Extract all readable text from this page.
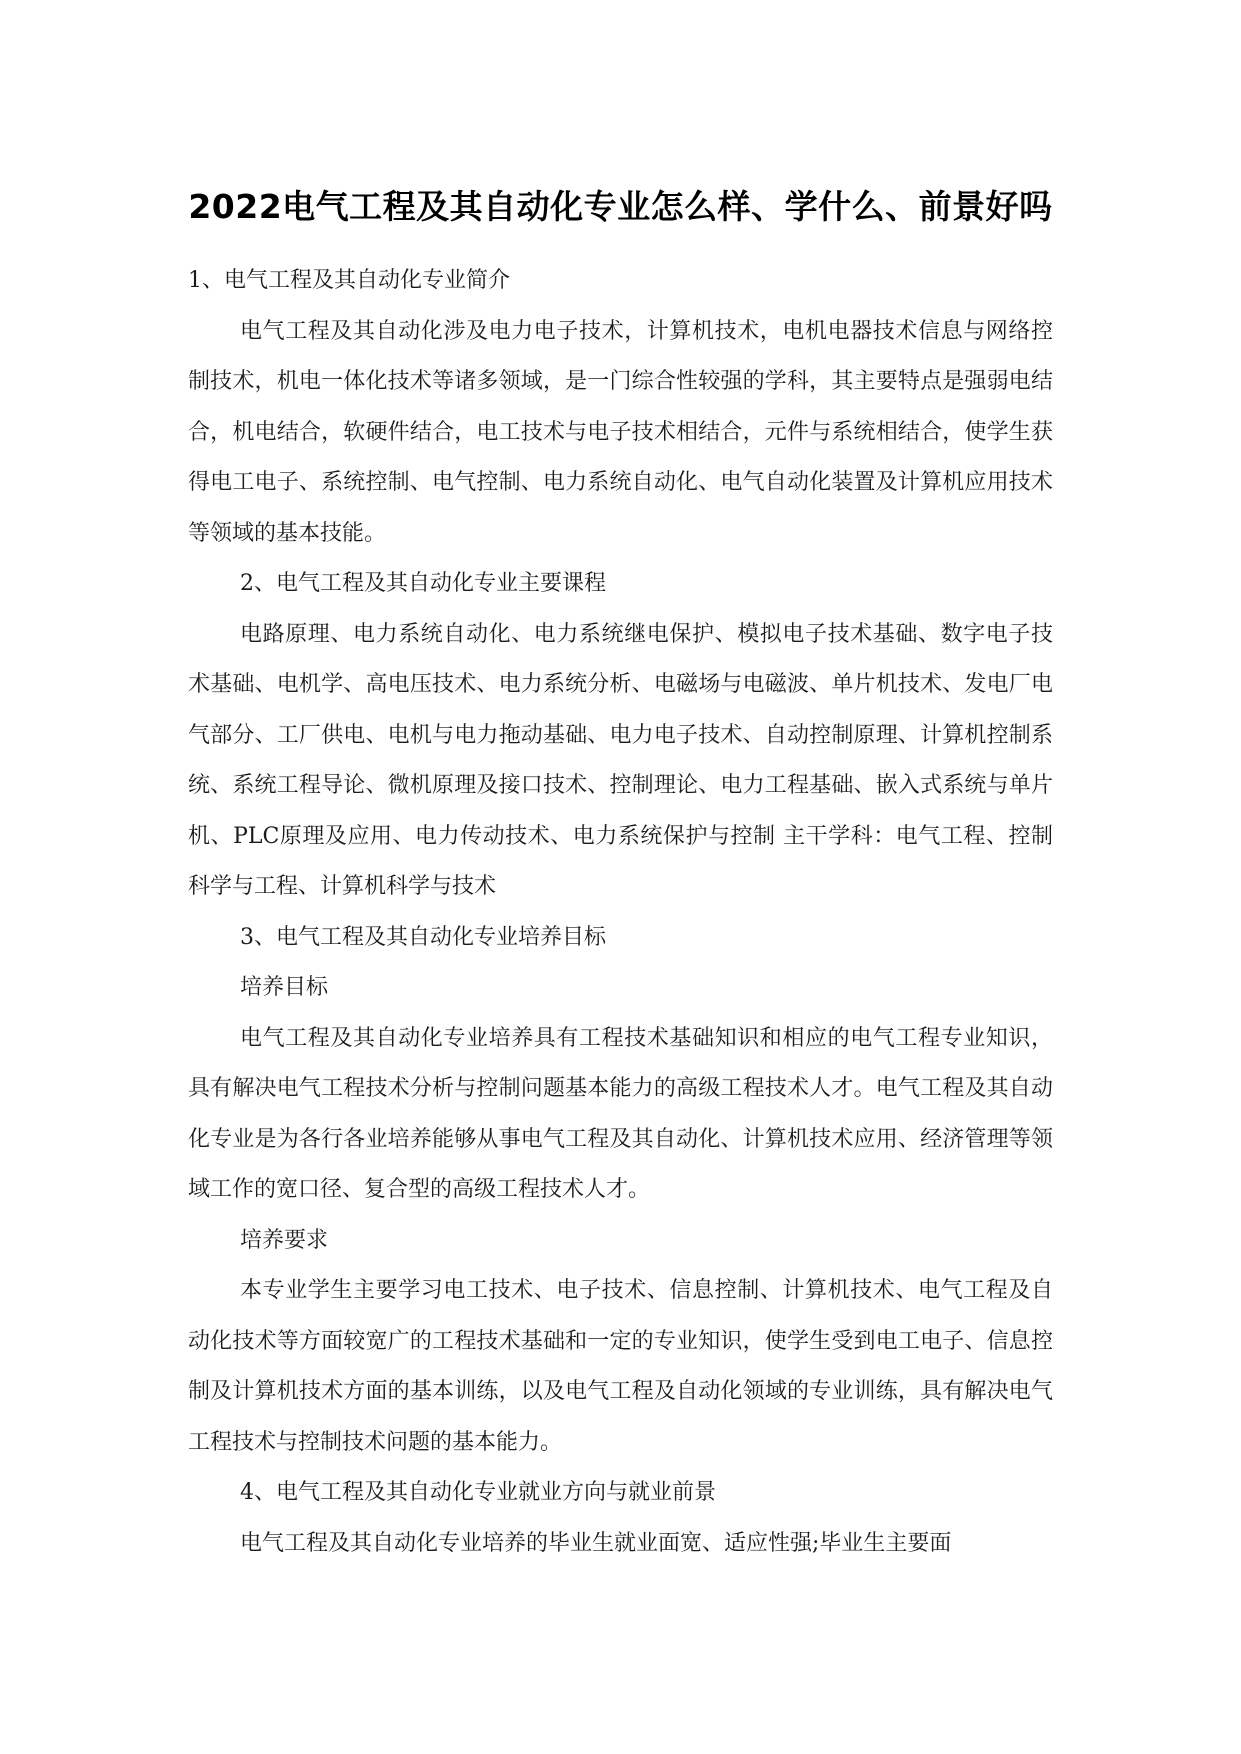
2022电气工程及其自动化专业怎么样、学什么、前景好吗

1、电气工程及其自动化专业简介

电气工程及其自动化涉及电力电子技术，计算机技术，电机电器技术信息与网络控制技术，机电一体化技术等诸多领域，是一门综合性较强的学科，其主要特点是强弱电结合，机电结合，软硬件结合，电工技术与电子技术相结合，元件与系统相结合，使学生获得电工电子、系统控制、电气控制、电力系统自动化、电气自动化装置及计算机应用技术等领域的基本技能。

2、电气工程及其自动化专业主要课程

电路原理、电力系统自动化、电力系统继电保护、模拟电子技术基础、数字电子技术基础、电机学、高电压技术、电力系统分析、电磁场与电磁波、单片机技术、发电厂电气部分、工厂供电、电机与电力拖动基础、电力电子技术、自动控制原理、计算机控制系统、系统工程导论、微机原理及接口技术、控制理论、电力工程基础、嵌入式系统与单片机、PLC原理及应用、电力传动技术、电力系统保护与控制 主干学科：电气工程、控制科学与工程、计算机科学与技术

3、电气工程及其自动化专业培养目标

培养目标

电气工程及其自动化专业培养具有工程技术基础知识和相应的电气工程专业知识，具有解决电气工程技术分析与控制问题基本能力的高级工程技术人才。电气工程及其自动化专业是为各行各业培养能够从事电气工程及其自动化、计算机技术应用、经济管理等领域工作的宽口径、复合型的高级工程技术人才。

培养要求

本专业学生主要学习电工技术、电子技术、信息控制、计算机技术、电气工程及自动化技术等方面较宽广的工程技术基础和一定的专业知识，使学生受到电工电子、信息控制及计算机技术方面的基本训练，以及电气工程及自动化领域的专业训练，具有解决电气工程技术与控制技术问题的基本能力。

4、电气工程及其自动化专业就业方向与就业前景

电气工程及其自动化专业培养的毕业生就业面宽、适应性强;毕业生主要面
